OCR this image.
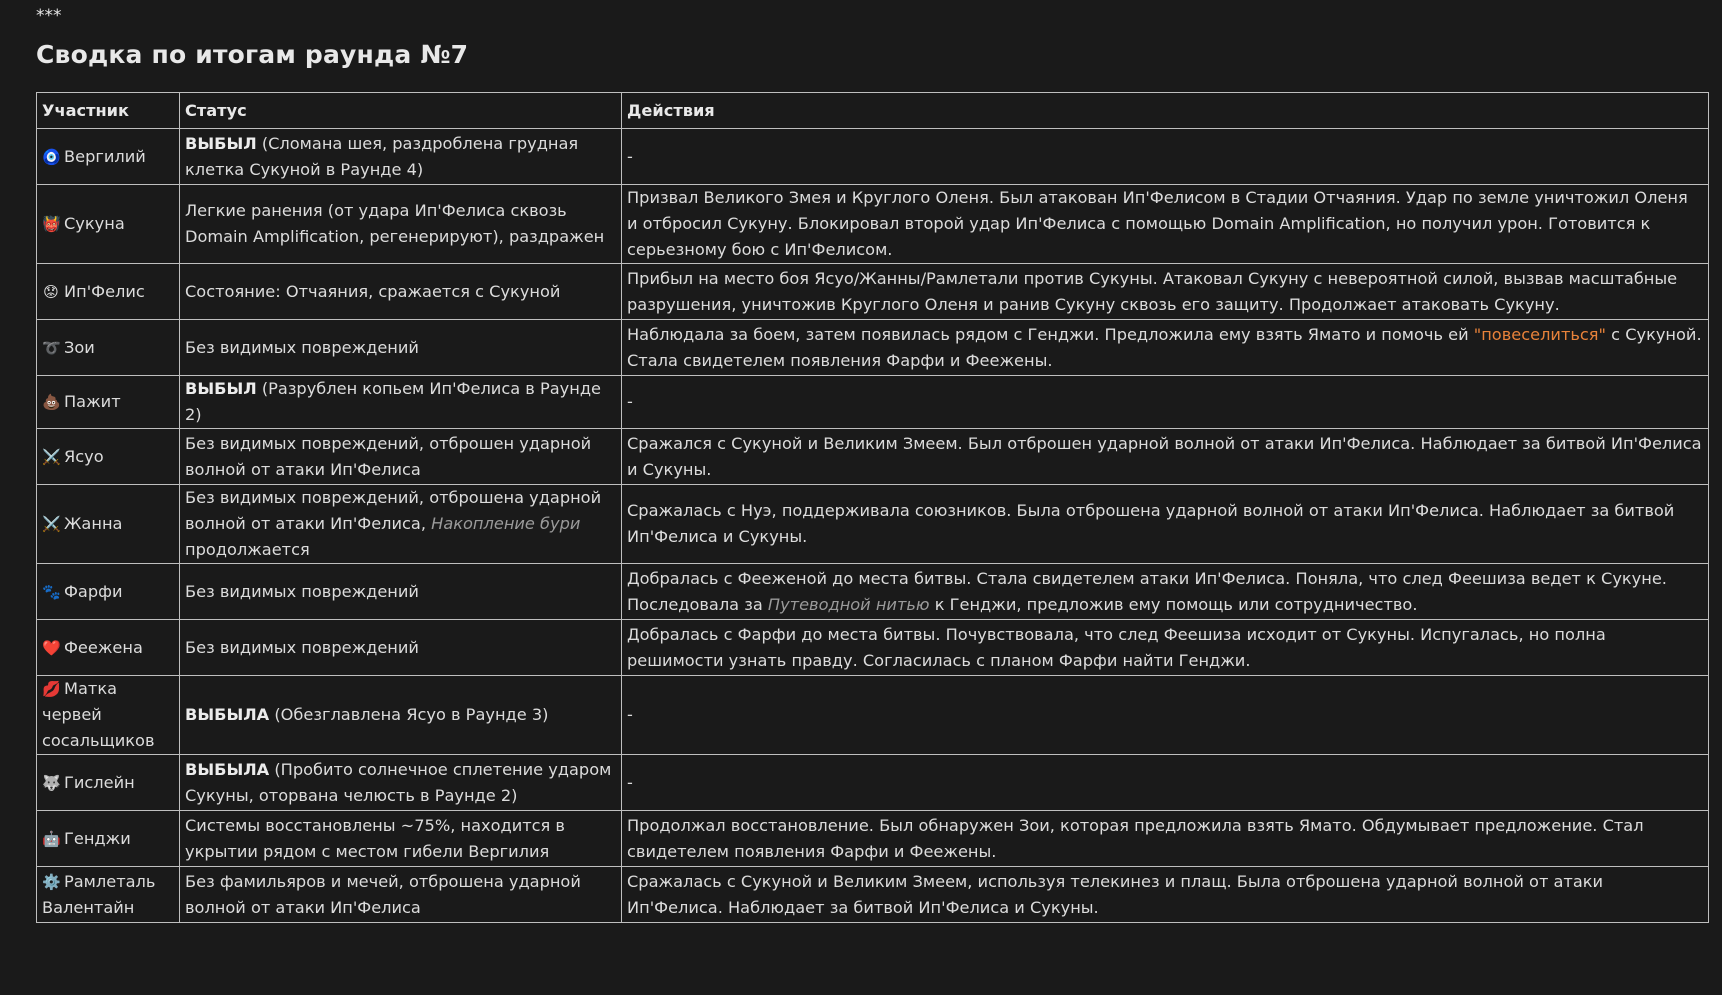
***
Сводка по итогам раунда №7
Участник	Статус	Действия
🧿 Вергилий	ВЫБЫЛ (Сломана шея, раздроблена грудная клетка Сукуной в Раунде 4)	-
👹 Сукуна	Легкие ранения (от удара Ип'Фелиса сквозь Domain Amplification, регенерируют), раздражен	Призвал Великого Змея и Круглого Оленя. Был атакован Ип'Фелисом в Стадии Отчаяния. Удар по земле уничтожил Оленя и отбросил Сукуну. Блокировал второй удар Ип'Фелиса с помощью Domain Amplification, но получил урон. Готовится к серьезному бою с Ип'Фелисом.
😟 Ип'Фелис	Состояние: Отчаяния, сражается с Сукуной	Прибыл на место боя Ясуо/Жанны/Рамлетали против Сукуны. Атаковал Сукуну с невероятной силой, вызвав масштабные разрушения, уничтожив Круглого Оленя и ранив Сукуну сквозь его защиту. Продолжает атаковать Сукуну.
➰ Зои	Без видимых повреждений	Наблюдала за боем, затем появилась рядом с Генджи. Предложила ему взять Ямато и помочь ей "повеселиться" с Сукуной. Стала свидетелем появления Фарфи и Феежены.
💩 Пажит	ВЫБЫЛ (Разрублен копьем Ип'Фелиса в Раунде 2)	-
⚔️ Ясуо	Без видимых повреждений, отброшен ударной волной от атаки Ип'Фелиса	Сражался с Сукуной и Великим Змеем. Был отброшен ударной волной от атаки Ип'Фелиса. Наблюдает за битвой Ип'Фелиса и Сукуны.
⚔️ Жанна	Без видимых повреждений, отброшена ударной волной от атаки Ип'Фелиса, Накопление бури продолжается	Сражалась с Нуэ, поддерживала союзников. Была отброшена ударной волной от атаки Ип'Фелиса. Наблюдает за битвой Ип'Фелиса и Сукуны.
🐾 Фарфи	Без видимых повреждений	Добралась с Фееженой до места битвы. Стала свидетелем атаки Ип'Фелиса. Поняла, что след Феешиза ведет к Сукуне. Последовала за Путеводной нитью к Генджи, предложив ему помощь или сотрудничество.
❤️ Феежена	Без видимых повреждений	Добралась с Фарфи до места битвы. Почувствовала, что след Феешиза исходит от Сукуны. Испугалась, но полна решимости узнать правду. Согласилась с планом Фарфи найти Генджи.
💋 Матка червей сосальщиков	ВЫБЫЛА (Обезглавлена Ясуо в Раунде 3)	-
🐺 Гислейн	ВЫБЫЛА (Пробито солнечное сплетение ударом Сукуны, оторвана челюсть в Раунде 2)	-
🤖 Генджи	Системы восстановлены ~75%, находится в укрытии рядом с местом гибели Вергилия	Продолжал восстановление. Был обнаружен Зои, которая предложила взять Ямато. Обдумывает предложение. Стал свидетелем появления Фарфи и Феежены.
⚙️ Рамлеталь Валентайн	Без фамильяров и мечей, отброшена ударной волной от атаки Ип'Фелиса	Сражалась с Сукуной и Великим Змеем, используя телекинез и плащ. Была отброшена ударной волной от атаки Ип'Фелиса. Наблюдает за битвой Ип'Фелиса и Сукуны.
